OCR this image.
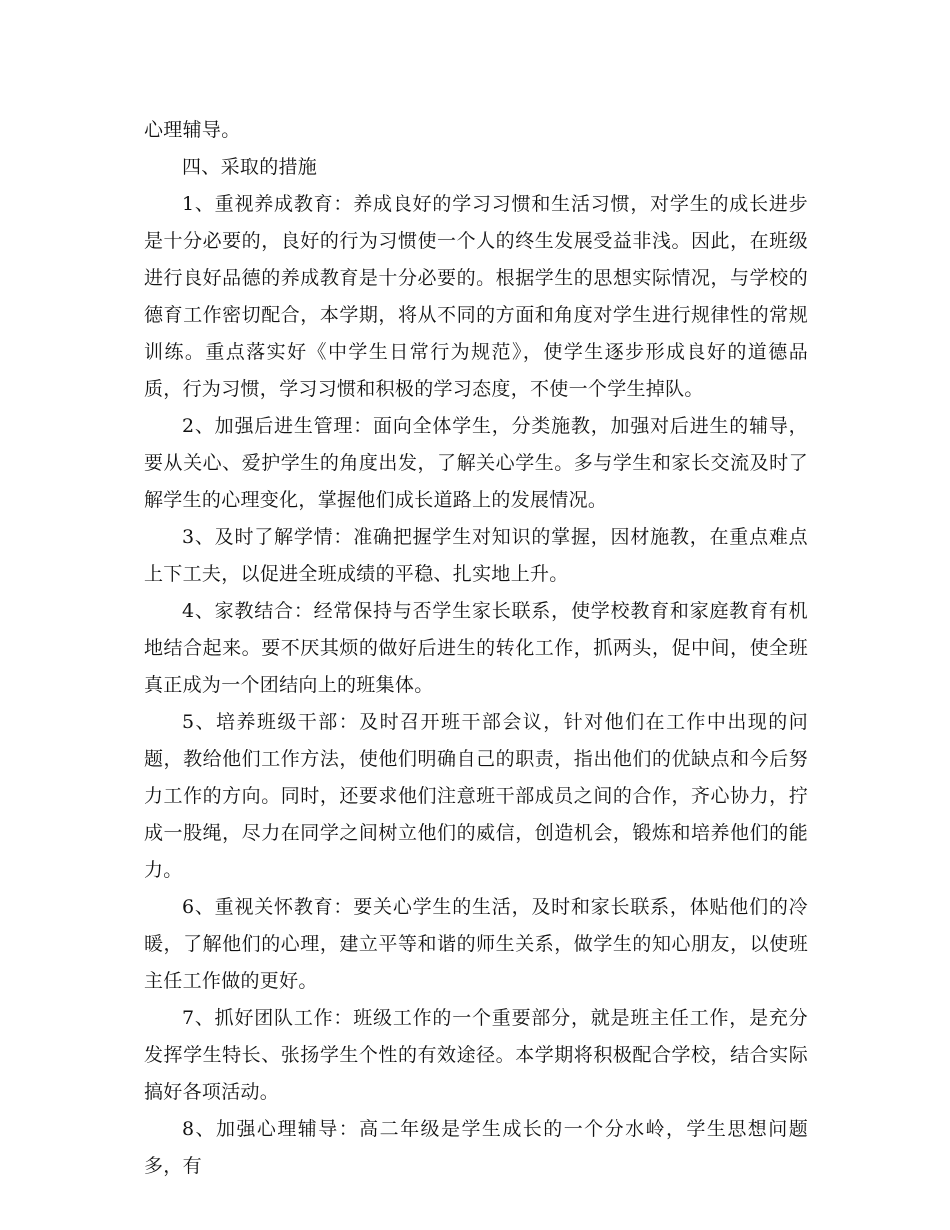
心理辅导。

四、采取的措施

1、重视养成教育：养成良好的学习习惯和生活习惯，对学生的成长进步是十分必要的，良好的行为习惯使一个人的终生发展受益非浅。因此，在班级进行良好品德的养成教育是十分必要的。根据学生的思想实际情况，与学校的德育工作密切配合，本学期，将从不同的方面和角度对学生进行规律性的常规训练。重点落实好《中学生日常行为规范》，使学生逐步形成良好的道德品质，行为习惯，学习习惯和积极的学习态度，不使一个学生掉队。

2、加强后进生管理：面向全体学生，分类施教，加强对后进生的辅导，要从关心、爱护学生的角度出发，了解关心学生。多与学生和家长交流及时了解学生的心理变化，掌握他们成长道路上的发展情况。

3、及时了解学情：准确把握学生对知识的掌握，因材施教，在重点难点上下工夫，以促进全班成绩的平稳、扎实地上升。

4、家教结合：经常保持与否学生家长联系，使学校教育和家庭教育有机地结合起来。要不厌其烦的做好后进生的转化工作，抓两头，促中间，使全班真正成为一个团结向上的班集体。

5、培养班级干部：及时召开班干部会议，针对他们在工作中出现的问题，教给他们工作方法，使他们明确自己的职责，指出他们的优缺点和今后努力工作的方向。同时，还要求他们注意班干部成员之间的合作，齐心协力，拧成一股绳，尽力在同学之间树立他们的威信，创造机会，锻炼和培养他们的能力。

6、重视关怀教育：要关心学生的生活，及时和家长联系，体贴他们的冷暖，了解他们的心理，建立平等和谐的师生关系，做学生的知心朋友，以使班主任工作做的更好。

7、抓好团队工作：班级工作的一个重要部分，就是班主任工作，是充分发挥学生特长、张扬学生个性的有效途径。本学期将积极配合学校，结合实际搞好各项活动。

8、加强心理辅导：高二年级是学生成长的一个分水岭，学生思想问题多，有
